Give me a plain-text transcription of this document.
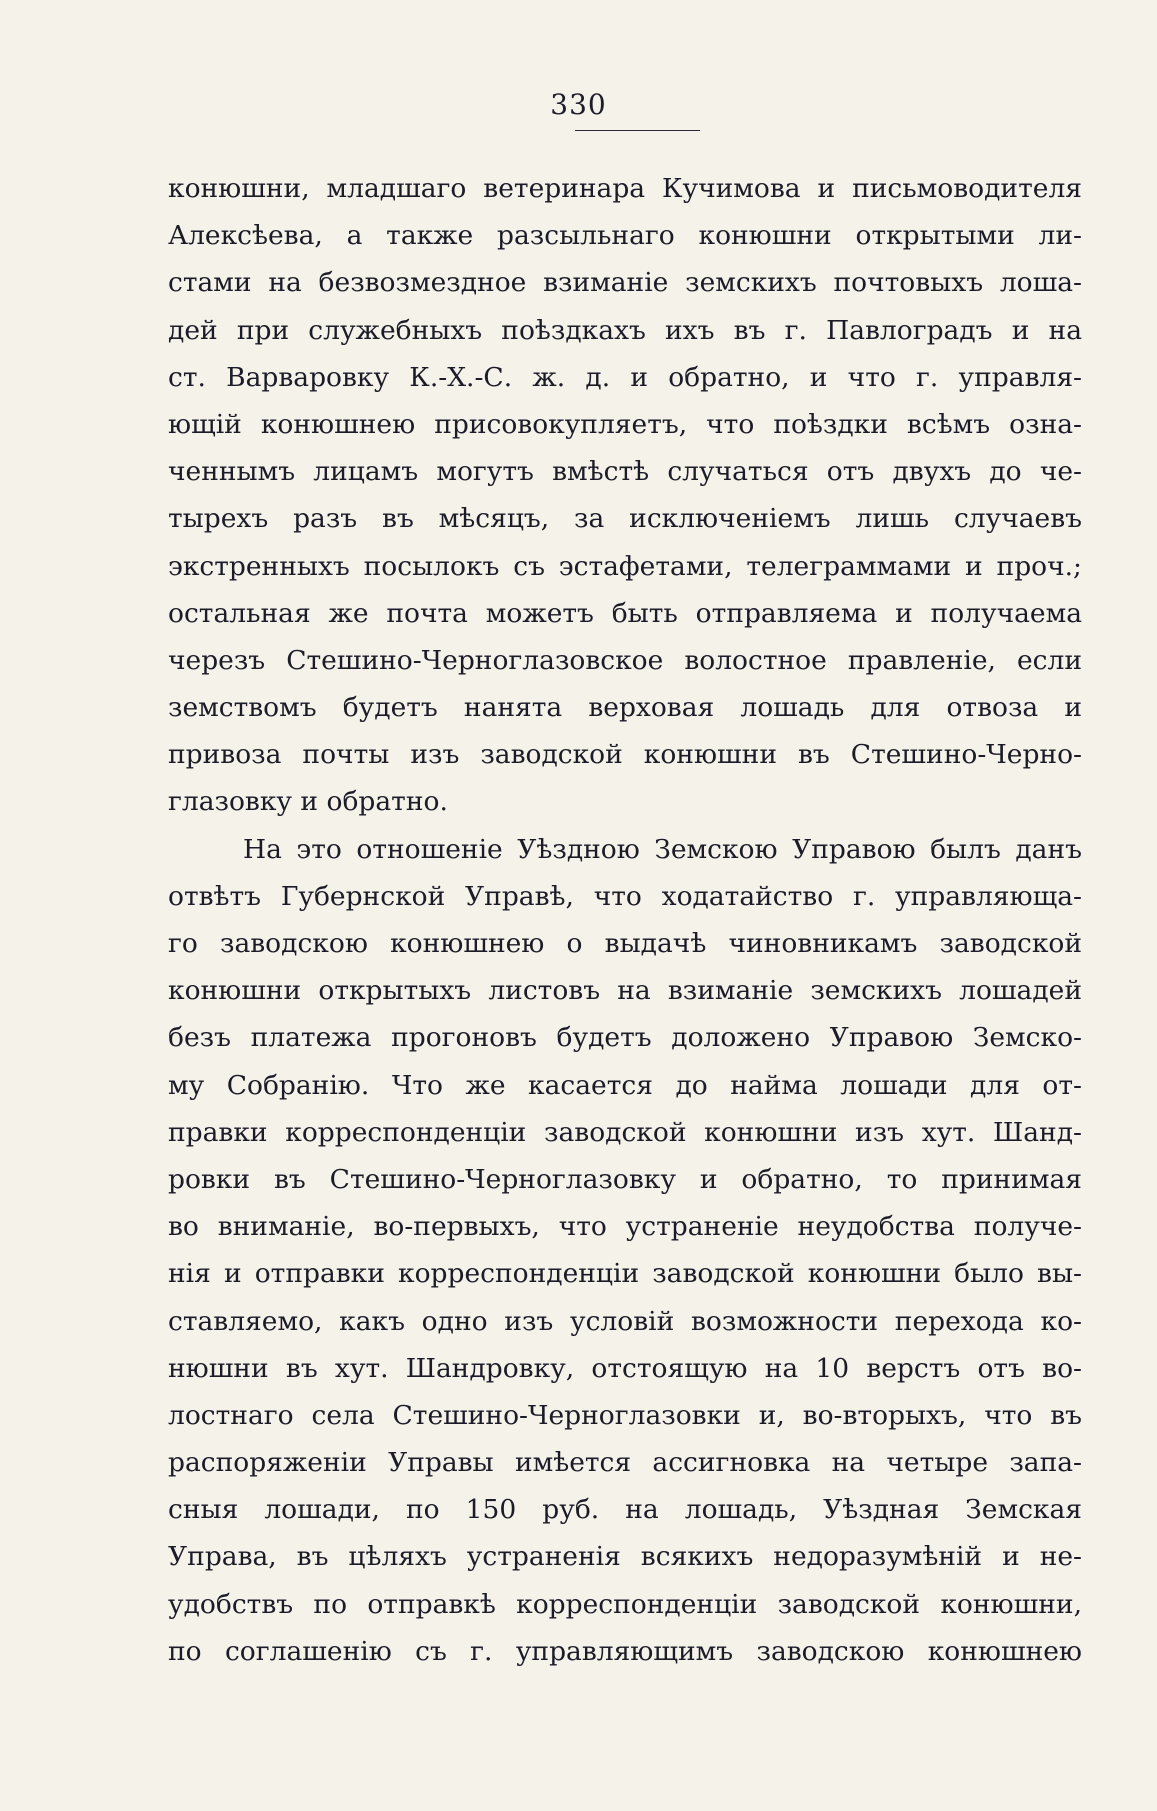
330
конюшни, младшаго ветеринара Кучимова и письмоводителя
Алексѣева, а также разсыльнаго конюшни открытыми ли-
стами на безвозмездное взиманіе земскихъ почтовыхъ лоша-
дей при служебныхъ поѣздкахъ ихъ въ г. Павлоградъ и на
ст. Варваровку К.-Х.-С. ж. д. и обратно, и что г. управля-
ющій конюшнею присовокупляетъ, что поѣздки всѣмъ озна-
ченнымъ лицамъ могутъ вмѣстѣ случаться отъ двухъ до че-
тырехъ разъ въ мѣсяцъ, за исключеніемъ лишь случаевъ
экстренныхъ посылокъ съ эстафетами, телеграммами и проч.;
остальная же почта можетъ быть отправляема и получаема
черезъ Стешино-Черноглазовское волостное правленіе, если
земствомъ будетъ нанята верховая лошадь для отвоза и
привоза почты изъ заводской конюшни въ Стешино-Черно-
глазовку и обратно.
На это отношеніе Уѣздною Земскою Управою былъ данъ
отвѣтъ Губернской Управѣ, что ходатайство г. управляюща-
го заводскою конюшнею о выдачѣ чиновникамъ заводской
конюшни открытыхъ листовъ на взиманіе земскихъ лошадей
безъ платежа прогоновъ будетъ доложено Управою Земско-
му Собранію. Что же касается до найма лошади для от-
правки корреспонденціи заводской конюшни изъ хут. Шанд-
ровки въ Стешино-Черноглазовку и обратно, то принимая
во вниманіе, во-первыхъ, что устраненіе неудобства получе-
нія и отправки корреспонденціи заводской конюшни было вы-
ставляемо, какъ одно изъ условій возможности перехода ко-
нюшни въ хут. Шандровку, отстоящую на 10 верстъ отъ во-
лостнаго села Стешино-Черноглазовки и, во-вторыхъ, что въ
распоряженіи Управы имѣется ассигновка на четыре запа-
сныя лошади, по 150 руб. на лошадь, Уѣздная Земская
Управа, въ цѣляхъ устраненія всякихъ недоразумѣній и не-
удобствъ по отправкѣ корреспонденціи заводской конюшни,
по соглашенію съ г. управляющимъ заводскою конюшнею
